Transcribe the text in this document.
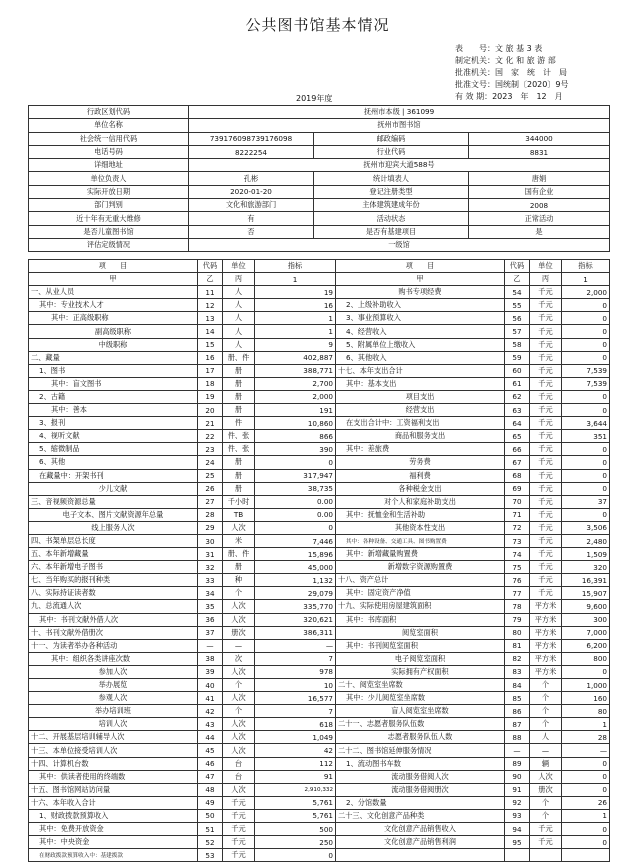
公共图书馆基本情况
表　　号：文 旅 基 3 表
制定机关：文 化 和 旅 游 部
批准机关：国　家　统　计　局
批准文号：国统制〔2020〕9号
有 效 期：2023　年　12　月
2019年度
行政区划代码	抚州市本级 | 361099		
单位名称	抚州市图书馆		
社会统一信用代码	739176098739176098	邮政编码	344000
电话号码	8222254	行业代码	8831
详细地址	抚州市迎宾大道588号		
单位负责人	孔彬	统计填表人	唐娟
实际开放日期	2020-01-20	登记注册类型	国有企业
部门判别	文化和旅游部门	主体建筑建成年份	2008
近十年有无重大维修	有	活动状态	正常活动
是否儿童图书馆	否	是否有基建项目	是
评估定级情况	一级馆		
项　　目	代码	单位	指标	项　　目	代码	单位	指标
甲	乙	丙	1	甲	乙	丙	1
一、从业人员	11	人	19	购书专项经费	54	千元	2,000
其中：专业技术人才	12	人	16	2、上级补助收入	55	千元	0
其中：正高级职称	13	人	1	3、事业预算收入	56	千元	0
副高级职称	14	人	1	4、经营收入	57	千元	0
中级职称	15	人	9	5、附属单位上缴收入	58	千元	0
二、藏量	16	册、件	402,887	6、其他收入	59	千元	0
1、图书	17	册	388,771	十七、本年支出合计	60	千元	7,539
其中：盲文图书	18	册	2,700	其中：基本支出	61	千元	7,539
2、古籍	19	册	2,000	项目支出	62	千元	0
其中：善本	20	册	191	经营支出	63	千元	0
3、报刊	21	件	10,860	在支出合计中：工资福利支出	64	千元	3,644
4、视听文献	22	件、张	866	商品和服务支出	65	千元	351
5、缩微制品	23	件、张	390	其中：差旅费	66	千元	0
6、其他	24	册	0	劳务费	67	千元	0
在藏量中：开架书刊	25	册	317,947	福利费	68	千元	0
少儿文献	26	册	38,735	各种税金支出	69	千元	0
三、音视频资源总量	27	千小时	0.00	对个人和家庭补助支出	70	千元	37
电子文本、图片文献资源年总量	28	TB	0.00	其中：抚恤金和生活补助	71	千元	0
线上服务人次	29	人次	0	其他资本性支出	72	千元	3,506
四、书架单层总长度	30	米	7,446	其中：各种设备、交通工具、图书购置费	73	千元	2,480
五、本年新增藏量	31	册、件	15,896	其中：新增藏量购置费	74	千元	1,509
六、本年新增电子图书	32	册	45,000	新增数字资源购置费	75	千元	320
七、当年购买的报刊种类	33	种	1,132	十八、资产总计	76	千元	16,391
八、实际持证读者数	34	个	29,079	其中：固定资产净值	77	千元	15,907
九、总流通人次	35	人次	335,770	十九、实际使用房屋建筑面积	78	平方米	9,600
其中：书刊文献外借人次	36	人次	320,621	其中：书库面积	79	平方米	300
十、书刊文献外借册次	37	册次	386,311	阅览室面积	80	平方米	7,000
十一、为读者举办各种活动	—	—	—	其中：书刊阅览室面积	81	平方米	6,200
其中：组织各类讲座次数	38	次	7	电子阅览室面积	82	平方米	800
参加人次	39	人次	978	实际拥有产权面积	83	平方米	0
举办展览	40	个	10	二十、阅览室坐席数	84	个	1,000
参观人次	41	人次	16,577	其中：少儿阅览室坐席数	85	个	160
举办培训班	42	个	7	盲人阅览室坐席数	86	个	80
培训人次	43	人次	618	二十一、志愿者服务队伍数	87	个	1
十二、开展基层培训辅导人次	44	人次	1,049	志愿者服务队伍人数	88	人	28
十三、本单位接受培训人次	45	人次	42	二十二、图书馆延伸服务情况	—	—	—
十四、计算机台数	46	台	112	1、流动图书车数	89	辆	0
其中：供读者使用的终端数	47	台	91	流动服务借阅人次	90	人次	0
十五、图书馆网站访问量	48	人次	2,910,332	流动服务借阅册次	91	册次	0
十六、本年收入合计	49	千元	5,761	2、分馆数量	92	个	26
1、财政拨款预算收入	50	千元	5,761	二十三、文化创意产品种类	93	个	1
其中：免费开放资金	51	千元	500	文化创意产品销售收入	94	千元	0
其中：中央资金	52	千元	250	文化创意产品销售利润	95	千元	0
在财政拨款预算收入中：基建拨款	53	千元	0				
